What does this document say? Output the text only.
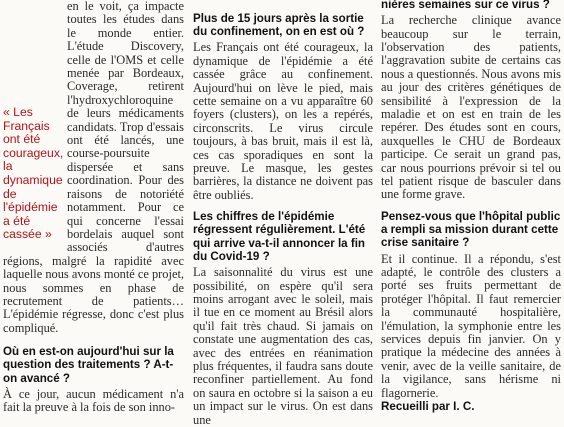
« Les Français ont été courageux, la dynamique de l'épidémie a été cassée »

en le voit, ça impacte toutes les études dans le monde entier. L'étude Discovery, celle de l'OMS et celle menée par Bordeaux, Coverage, retirent l'hydroxychloroquine de leurs médicaments candidats. Trop d'essais ont été lancés, une course-poursuite dispersée et sans coordination. Pour des raisons de notoriété notamment. Pour ce qui concerne l'essai bordelais auquel sont associés d'autres régions, malgré la rapidité avec laquelle nous avons monté ce projet, nous sommes en phase de recrutement de patients… L'épidémie régresse, donc c'est plus compliqué.

Où en est-on aujourd'hui sur la question des traitements ? A-t-on avancé ?

À ce jour, aucun médicament n'a fait la preuve à la fois de son inno-

Plus de 15 jours après la sortie du confinement, on en est où ?

Les Français ont été courageux, la dynamique de l'épidémie a été cassée grâce au confinement. Aujourd'hui on lève le pied, mais cette semaine on a vu apparaître 60 foyers (clusters), on les a repérés, circonscrits. Le virus circule toujours, à bas bruit, mais il est là, ces cas sporadiques en sont la preuve. Le masque, les gestes barrières, la distance ne doivent pas être oubliés.

Les chiffres de l'épidémie régressent régulièrement. L'été qui arrive va-t-il annoncer la fin du Covid-19 ?

La saisonnalité du virus est une possibilité, on espère qu'il sera moins arrogant avec le soleil, mais il tue en ce moment au Brésil alors qu'il fait très chaud. Si jamais on constate une augmentation des cas, avec des entrées en réanimation plus fréquentes, il faudra sans doute reconfiner partiellement. Au fond on saura en octobre si la saison a eu un impact sur le virus. On est dans une

nières semaines sur ce virus ?

La recherche clinique avance beaucoup sur le terrain, l'observation des patients, l'aggravation subite de certains cas nous a questionnés. Nous avons mis au jour des critères génétiques de sensibilité à l'expression de la maladie et on est en train de les repérer. Des études sont en cours, auxquelles le CHU de Bordeaux participe. Ce serait un grand pas, car nous pourrions prévoir si tel ou tel patient risque de basculer dans une forme grave.

Pensez-vous que l'hôpital public a rempli sa mission durant cette crise sanitaire ?

Et il continue. Il a répondu, s'est adapté, le contrôle des clusters a porté ses fruits permettant de protéger l'hôpital. Il faut remercier la communauté hospitalière, l'émulation, la symphonie entre les services depuis fin janvier. On y pratique la médecine des années à venir, avec de la veille sanitaire, de la vigilance, sans hérisme ni flagornerie.

Recueilli par I. C.
